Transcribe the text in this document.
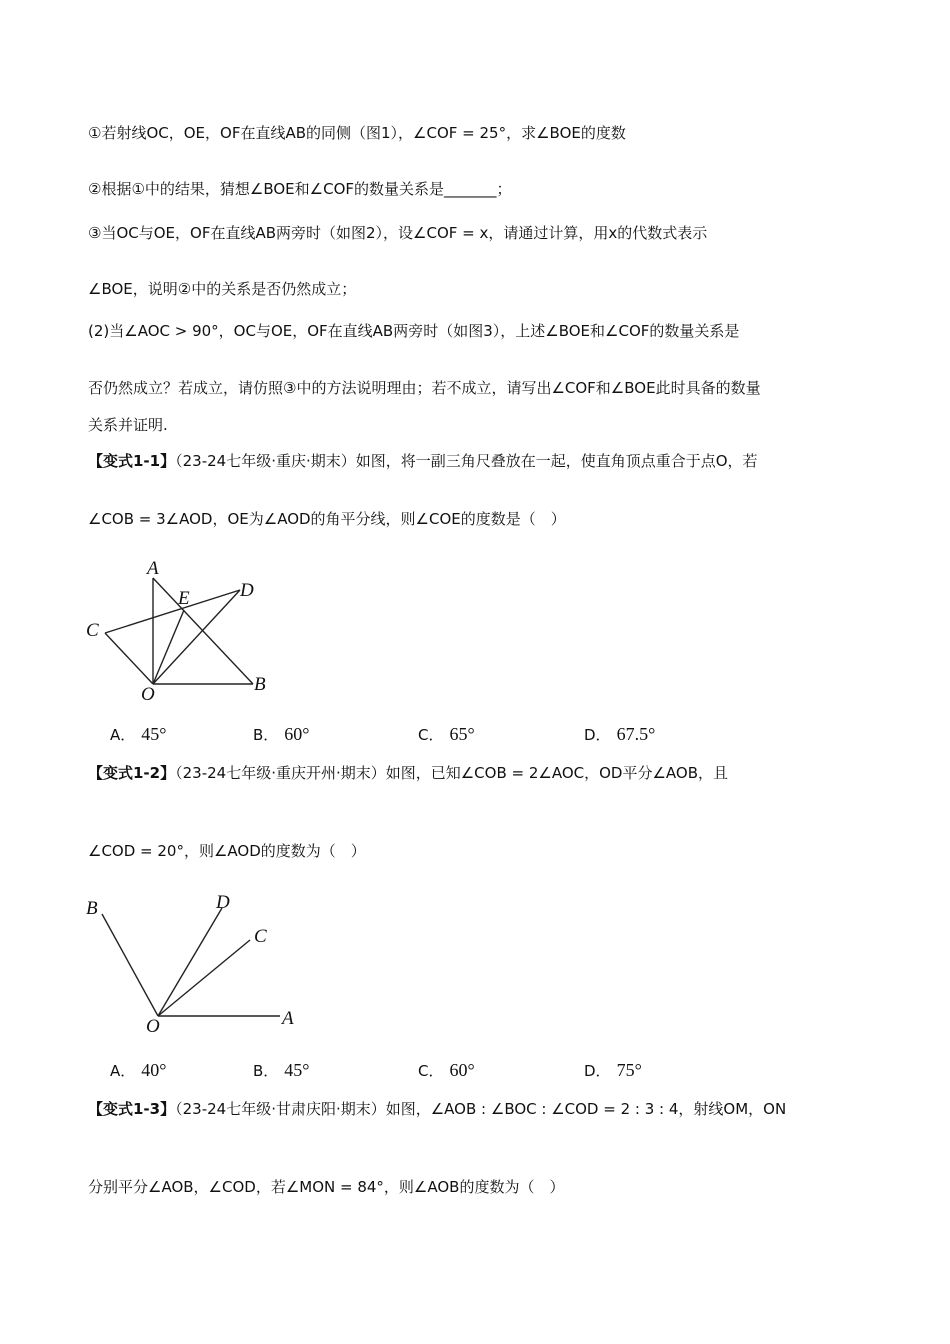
①若射线OC，OE，OF在直线AB的同侧（图1），∠COF = 25°，求∠BOE的度数
②根据①中的结果，猜想∠BOE和∠COF的数量关系是_______；
③当OC与OE，OF在直线AB两旁时（如图2），设∠COF = x，请通过计算，用x的代数式表示
∠BOE，说明②中的关系是否仍然成立；
(2)当∠AOC > 90°，OC与OE，OF在直线AB两旁时（如图3），上述∠BOE和∠COF的数量关系是
否仍然成立？若成立，请仿照③中的方法说明理由；若不成立，请写出∠COF和∠BOE此时具备的数量
关系并证明.
【变式1-1】（23-24七年级·重庆·期末）如图，将一副三角尺叠放在一起，使直角顶点重合于点O，若
∠COB = 3∠AOD，OE为∠AOD的角平分线，则∠COE的度数是（　）
A
B
C
D
E
O
A． 45°	B． 60°	C． 65°	D． 67.5°
【变式1-2】（23-24七年级·重庆开州·期末）如图，已知∠COB = 2∠AOC，OD平分∠AOB，且
∠COD = 20°，则∠AOD的度数为（　）
A
B
C
D
O
A． 40°	B． 45°	C． 60°	D． 75°
【变式1-3】（23-24七年级·甘肃庆阳·期末）如图，∠AOB : ∠BOC : ∠COD = 2 : 3 : 4，射线OM，ON
分别平分∠AOB，∠COD，若∠MON = 84°，则∠AOB的度数为（　）
